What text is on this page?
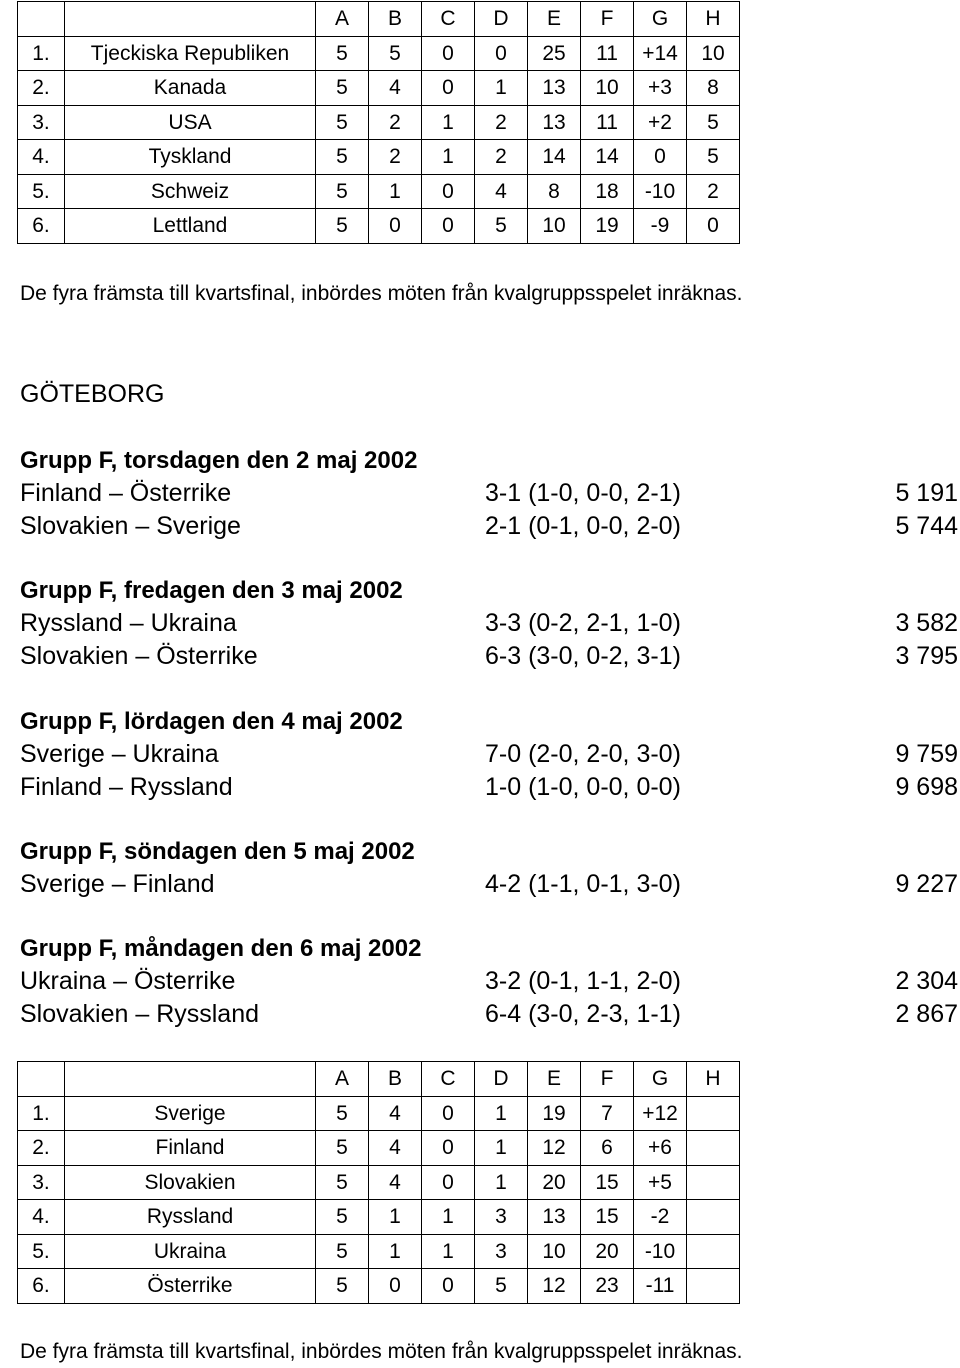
		A	B	C	D	E	F	G	H
1.	Tjeckiska Republiken	5	5	0	0	25	11	+14	10
2.	Kanada	5	4	0	1	13	10	+3	8
3.	USA	5	2	1	2	13	11	+2	5
4.	Tyskland	5	2	1	2	14	14	0	5
5.	Schweiz	5	1	0	4	8	18	-10	2
6.	Lettland	5	0	0	5	10	19	-9	0

De fyra främsta till kvartsfinal, inbördes möten från kvalgruppsspelet inräknas.

GÖTEBORG
Grupp F, torsdagen den 2 maj 2002
Finland – Österrike	3-1 (1-0, 0-0, 2-1)	5 191
Slovakien – Sverige	2-1 (0-1, 0-0, 2-0)	5 744
Grupp F, fredagen den 3 maj 2002
Ryssland – Ukraina	3-3 (0-2, 2-1, 1-0)	3 582
Slovakien – Österrike	6-3 (3-0, 0-2, 3-1)	3 795
Grupp F, lördagen den 4 maj 2002
Sverige – Ukraina	7-0 (2-0, 2-0, 3-0)	9 759
Finland – Ryssland	1-0 (1-0, 0-0, 0-0)	9 698
Grupp F, söndagen den 5 maj 2002
Sverige – Finland	4-2 (1-1, 0-1, 3-0)	9 227
Grupp F, måndagen den 6 maj 2002
Ukraina – Österrike	3-2 (0-1, 1-1, 2-0)	2 304
Slovakien – Ryssland	6-4 (3-0, 2-3, 1-1)	2 867
		A	B	C	D	E	F	G	H
1.	Sverige	5	4	0	1	19	7	+12	
2.	Finland	5	4	0	1	12	6	+6	
3.	Slovakien	5	4	0	1	20	15	+5	
4.	Ryssland	5	1	1	3	13	15	-2	
5.	Ukraina	5	1	1	3	10	20	-10	
6.	Österrike	5	0	0	5	12	23	-11	

De fyra främsta till kvartsfinal, inbördes möten från kvalgruppsspelet inräknas.
